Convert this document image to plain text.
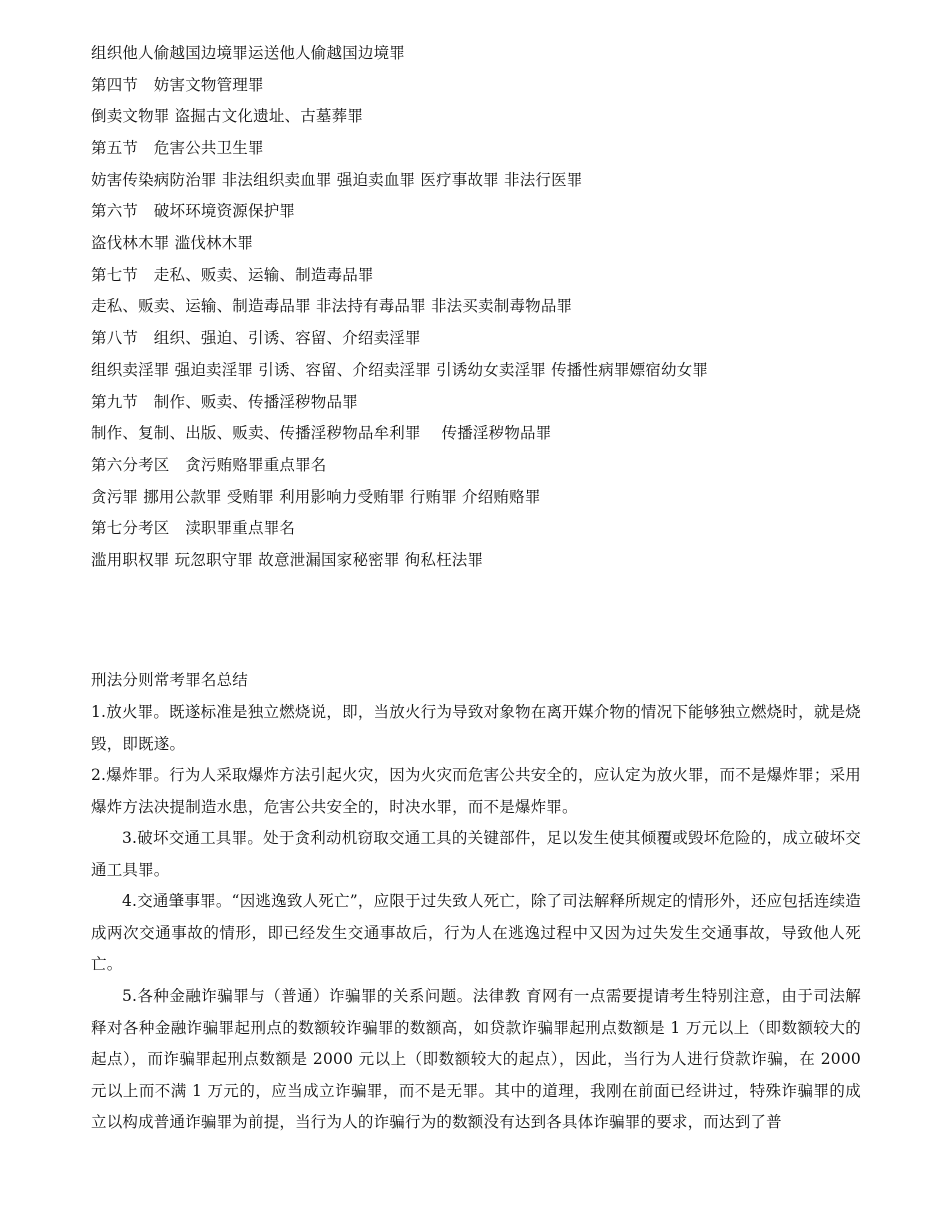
组织他人偷越国边境罪运送他人偷越国边境罪
第四节　妨害文物管理罪
倒卖文物罪 盗掘古文化遗址、古墓葬罪
第五节　危害公共卫生罪
妨害传染病防治罪 非法组织卖血罪 强迫卖血罪 医疗事故罪 非法行医罪
第六节　破坏环境资源保护罪
盗伐林木罪 滥伐林木罪
第七节　走私、贩卖、运输、制造毒品罪
走私、贩卖、运输、制造毒品罪 非法持有毒品罪 非法买卖制毒物品罪
第八节　组织、强迫、引诱、容留、介绍卖淫罪
组织卖淫罪 强迫卖淫罪 引诱、容留、介绍卖淫罪 引诱幼女卖淫罪 传播性病罪嫖宿幼女罪
第九节　制作、贩卖、传播淫秽物品罪
制作、复制、出版、贩卖、传播淫秽物品牟利罪　 传播淫秽物品罪
第六分考区　贪污贿赂罪重点罪名
贪污罪 挪用公款罪 受贿罪 利用影响力受贿罪 行贿罪 介绍贿赂罪
第七分考区　渎职罪重点罪名
滥用职权罪 玩忽职守罪 故意泄漏国家秘密罪 徇私枉法罪
刑法分则常考罪名总结
1.放火罪。既遂标准是独立燃烧说，即，当放火行为导致对象物在离开媒介物的情况下能够独立燃烧时，就是烧毁，即既遂。
2.爆炸罪。行为人采取爆炸方法引起火灾，因为火灾而危害公共安全的，应认定为放火罪，而不是爆炸罪；采用爆炸方法决提制造水患，危害公共安全的，时决水罪，而不是爆炸罪。
3.破坏交通工具罪。处于贪利动机窃取交通工具的关键部件，足以发生使其倾覆或毁坏危险的，成立破坏交通工具罪。
4.交通肇事罪。“因逃逸致人死亡”，应限于过失致人死亡，除了司法解释所规定的情形外，还应包括连续造成两次交通事故的情形，即已经发生交通事故后，行为人在逃逸过程中又因为过失发生交通事故，导致他人死亡。
5.各种金融诈骗罪与（普通）诈骗罪的关系问题。法律教 育网有一点需要提请考生特别注意，由于司法解释对各种金融诈骗罪起刑点的数额较诈骗罪的数额高，如贷款诈骗罪起刑点数额是 1 万元以上（即数额较大的起点），而诈骗罪起刑点数额是 2000 元以上（即数额较大的起点），因此，当行为人进行贷款诈骗，在 2000 元以上而不满 1 万元的，应当成立诈骗罪，而不是无罪。其中的道理，我刚在前面已经讲过，特殊诈骗罪的成立以构成普通诈骗罪为前提，当行为人的诈骗行为的数额没有达到各具体诈骗罪的要求，而达到了普
